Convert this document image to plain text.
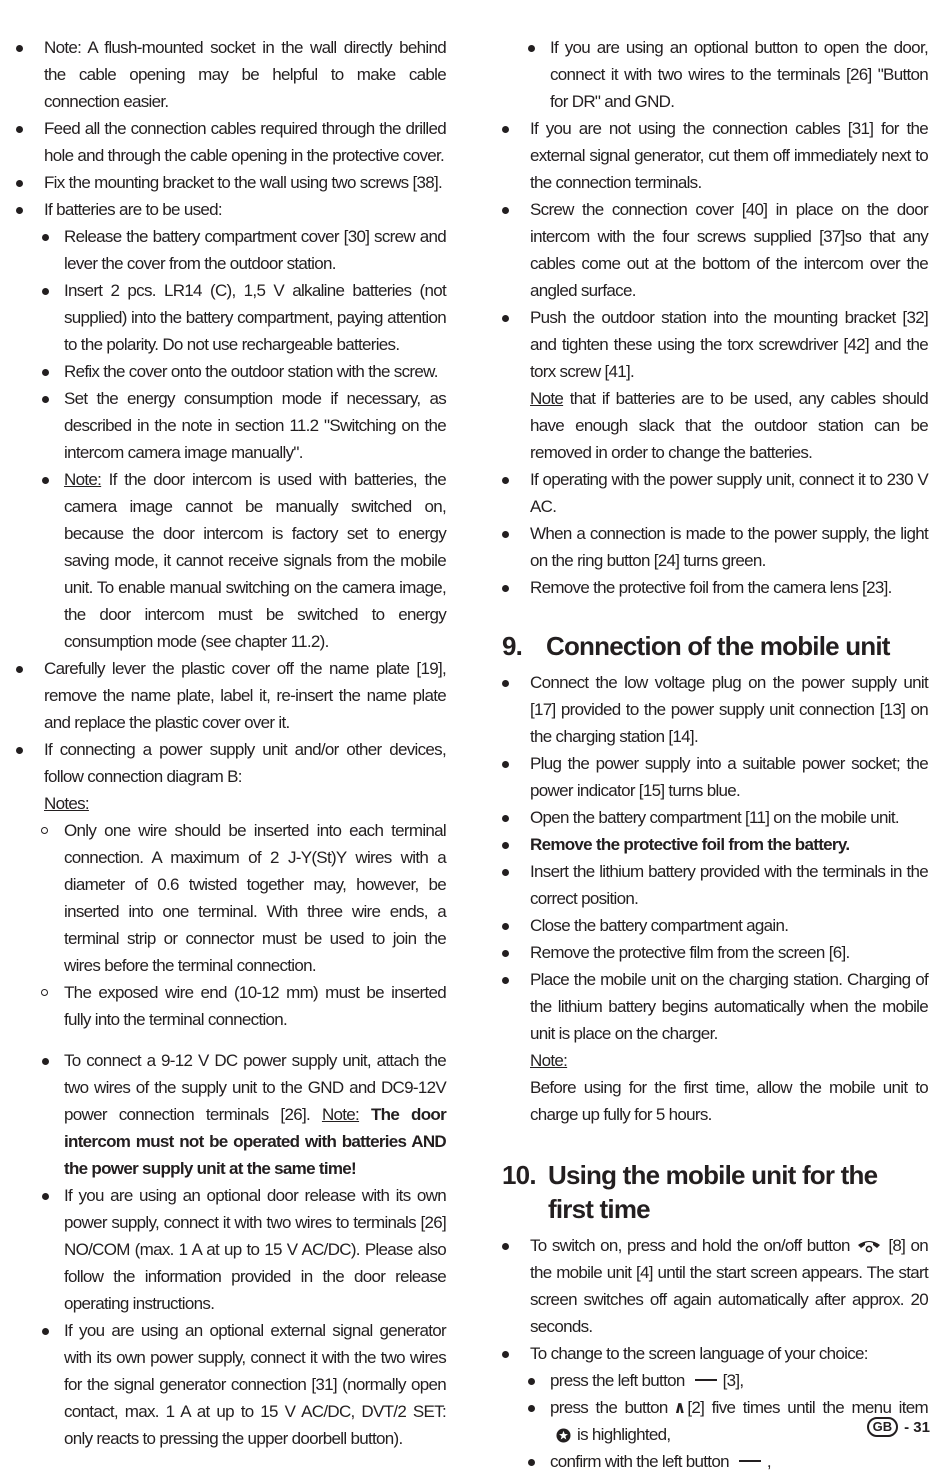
Note: A flush-mounted socket in the wall directly behind the cable opening may be helpful to make cable connection easier.

Feed all the connection cables required through the drilled hole and through the cable opening in the protective cover.

Fix the mounting bracket to the wall using two screws [38].

If batteries are to be used:

Release the battery compartment cover [30] screw and lever the cover from the outdoor station.

Insert 2 pcs. LR14 (C), 1,5 V alkaline batteries (not supplied) into the battery compartment, paying attention to the polarity. Do not use rechargeable batteries.

Refix the cover onto the outdoor station with the screw.

Set the energy consumption mode if necessary, as described in the note in section 11.2 "Switching on the intercom camera image manually".

Note: If the door intercom is used with batteries, the camera image cannot be manually switched on, because the door intercom is factory set to energy saving mode, it cannot receive signals from the mobile unit. To enable manual switching on the camera image, the door intercom must be switched to energy consumption mode (see chapter 11.2).

Carefully lever the plastic cover off the name plate [19], remove the name plate, label it, re-insert the name plate and replace the plastic cover over it.

If connecting a power supply unit and/or other devices, follow connection diagram B:

Notes:

Only one wire should be inserted into each terminal connection. A maximum of 2 J-Y(St)Y wires with a diameter of 0.6 twisted together may, however, be inserted into one terminal. With three wire ends, a terminal strip or connector must be used to join the wires before the terminal connection.

The exposed wire end (10-12 mm) must be inserted fully into the terminal connection.

To connect a 9-12 V DC power supply unit, attach the two wires of the supply unit to the GND and DC9-12V power connection terminals [26]. Note: The door intercom must not be operated with batteries AND the power supply unit at the same time!

If you are using an optional door release with its own power supply, connect it with two wires to terminals [26] NO/COM (max. 1 A at up to 15 V AC/DC). Please also follow the information provided in the door release operating instructions.

If you are using an optional external signal generator with its own power supply, connect it with the two wires for the signal generator connection [31] (normally open contact, max. 1 A at up to 15 V AC/DC, DVT/2 SET: only reacts to pressing the upper doorbell button).

If you are using an optional button to open the door, connect it with two wires to the terminals [26] "Button for DR" and GND.

If you are not using the connection cables [31] for the external signal generator, cut them off immediately next to the connection terminals.

Screw the connection cover [40] in place on the door intercom with the four screws supplied [37]so that any cables come out at the bottom of the intercom over the angled surface.

Push the outdoor station into the mounting bracket [32] and tighten these using the torx screwdriver [42] and the torx screw [41].

Note that if batteries are to be used, any cables should have enough slack that the outdoor station can be removed in order to change the batteries.

If operating with the power supply unit, connect it to 230 V AC.

When a connection is made to the power supply, the light on the ring button [24] turns green.

Remove the protective foil from the camera lens [23].

9. Connection of the mobile unit

Connect the low voltage plug on the power supply unit [17] provided to the power supply unit connection [13] on the charging station [14].

Plug the power supply into a suitable power socket; the power indicator [15] turns blue.

Open the battery compartment [11] on the mobile unit.

Remove the protective foil from the battery.

Insert the lithium battery provided with the terminals in the correct position.

Close the battery compartment again.

Remove the protective film from the screen [6].

Place the mobile unit on the charging station. Charging of the lithium battery begins automatically when the mobile unit is place on the charger.

Note:

Before using for the first time, allow the mobile unit to charge up fully for 5 hours.

10. Using the mobile unit for the first time

To switch on, press and hold the on/off button  [8] on the mobile unit [4] until the start screen appears. The start screen switches off again automatically after approx. 20 seconds.

To change to the screen language of your choice:

press the left button [3],

press the button ∧ [2] five times until the menu item is highlighted,

confirm with the left button ,

GB - 31
